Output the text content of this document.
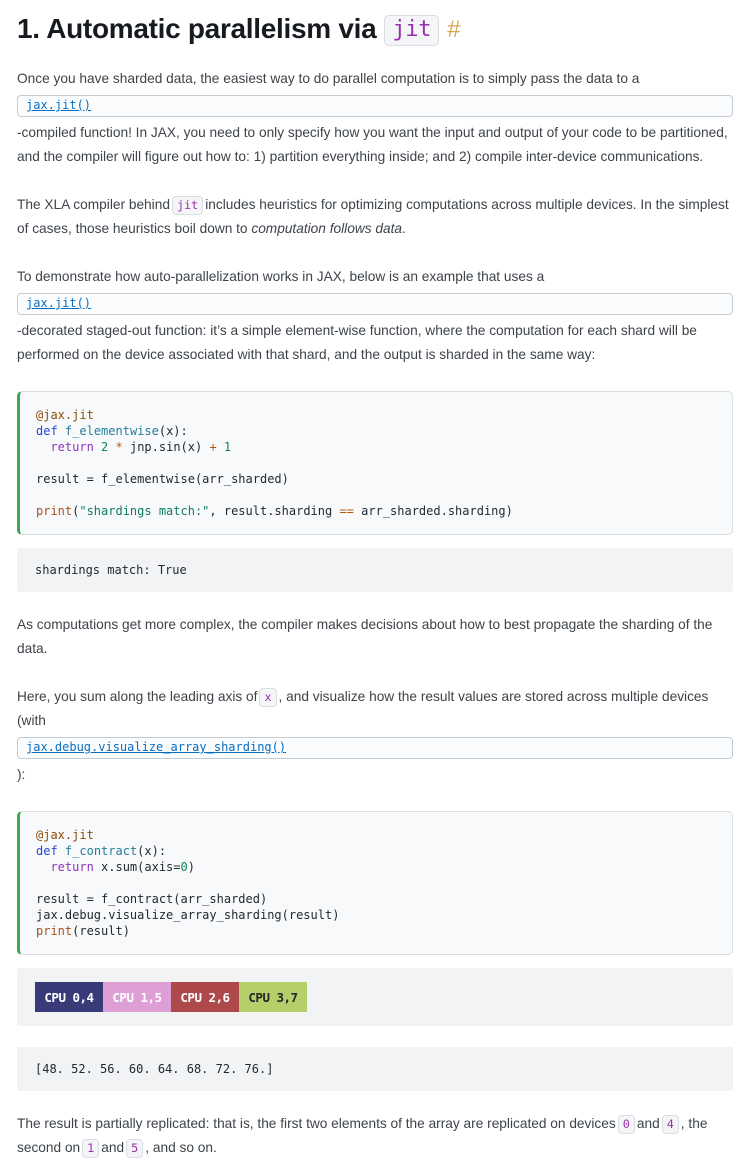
1. Automatic parallelism via jit #

Once you have sharded data, the easiest way to do parallel computation is to simply pass the data to a
jax.jit()
-compiled function! In JAX, you need to only specify how you want the input and output of your code to be partitioned, and the compiler will figure out how to: 1) partition everything inside; and 2) compile inter-device communications.

The XLA compiler behind jit includes heuristics for optimizing computations across multiple devices. In the simplest of cases, those heuristics boil down to computation follows data.

To demonstrate how auto-parallelization works in JAX, below is an example that uses a
jax.jit()
-decorated staged-out function: it’s a simple element-wise function, where the computation for each shard will be performed on the device associated with that shard, and the output is sharded in the same way:

@jax.jit
def f_elementwise(x):
return 2 * jnp.sin(x) + 1

result = f_elementwise(arr_sharded)

print("shardings match:", result.sharding == arr_sharded.sharding)

shardings match: True

As computations get more complex, the compiler makes decisions about how to best propagate the sharding of the data.

Here, you sum along the leading axis of x , and visualize how the result values are stored across multiple devices (with
jax.debug.visualize_array_sharding()
):

@jax.jit
def f_contract(x):
return x.sum(axis=0)

result = f_contract(arr_sharded)
jax.debug.visualize_array_sharding(result)
print(result)

CPU 0,4	CPU 1,5	CPU 2,6	CPU 3,7
[48. 52. 56. 60. 64. 68. 72. 76.]

The result is partially replicated: that is, the first two elements of the array are replicated on devices 0 and 4 , the second on 1 and 5 , and so on.
